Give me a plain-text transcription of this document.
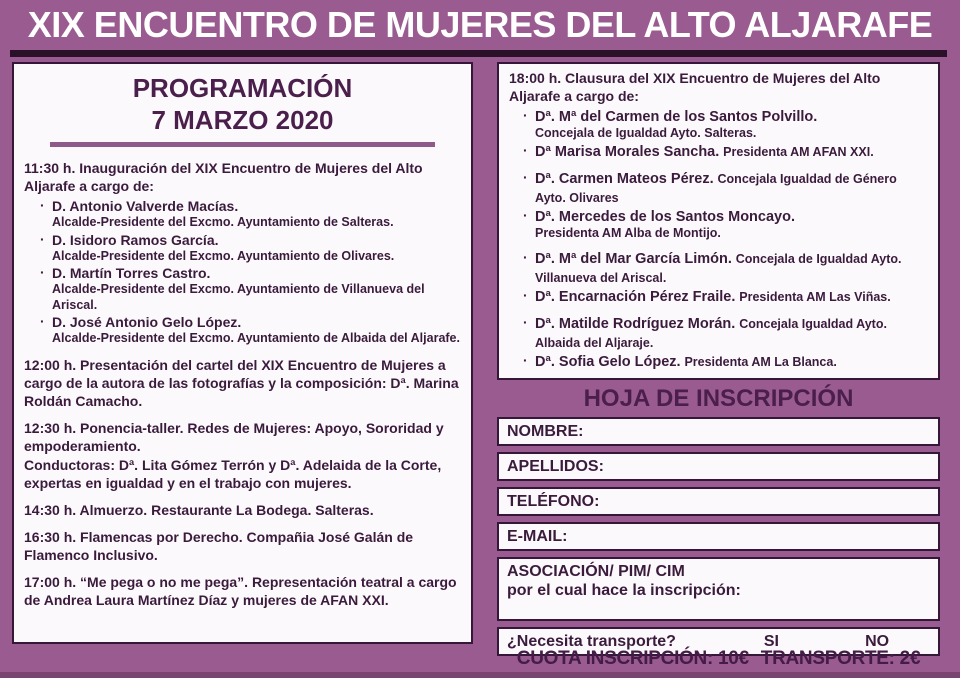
XIX ENCUENTRO DE MUJERES DEL ALTO ALJARAFE
PROGRAMACIÓN
7 MARZO 2020
11:30 h. Inauguración del XIX Encuentro de Mujeres del Alto Aljarafe a cargo de:
· D. Antonio Valverde Macías.
Alcalde-Presidente del Excmo. Ayuntamiento de Salteras.
· D. Isidoro Ramos García.
Alcalde-Presidente del Excmo. Ayuntamiento de Olivares.
· D. Martín Torres Castro.
Alcalde-Presidente del Excmo. Ayuntamiento de Villanueva del Ariscal.
· D. José Antonio Gelo López.
Alcalde-Presidente del Excmo. Ayuntamiento de Albaida del Aljarafe.
12:00 h. Presentación del cartel del XIX Encuentro de Mujeres a cargo de la autora de las fotografías y la composición: Dª. Marina Roldán Camacho.
12:30 h. Ponencia-taller. Redes de Mujeres: Apoyo, Sororidad y empoderamiento.
Conductoras: Dª. Lita Gómez Terrón y Dª. Adelaida de la Corte, expertas en igualdad y en el trabajo con mujeres.
14:30 h. Almuerzo. Restaurante La Bodega. Salteras.
16:30 h. Flamencas por Derecho. Compañia José Galán de Flamenco Inclusivo.
17:00 h. “Me pega o no me pega”. Representación teatral a cargo de Andrea Laura Martínez Díaz y mujeres de AFAN XXI.
18:00 h. Clausura del XIX Encuentro de Mujeres del Alto Aljarafe a cargo de:
· Dª. Mª del Carmen de los Santos Polvillo.
Concejala de Igualdad Ayto. Salteras.
· Dª Marisa Morales Sancha. Presidenta AM AFAN XXI.
· Dª. Carmen Mateos Pérez. Concejala Igualdad de Género Ayto. Olivares
· Dª. Mercedes de los Santos Moncayo.
Presidenta AM Alba de Montijo.
· Dª. Mª del Mar García Limón. Concejala de Igualdad Ayto. Villanueva del Ariscal.
· Dª. Encarnación Pérez Fraile. Presidenta AM Las Viñas.
· Dª. Matilde Rodríguez Morán. Concejala Igualdad Ayto. Albaida del Aljaraje.
· Dª. Sofia Gelo López. Presidenta AM La Blanca.
HOJA DE INSCRIPCIÓN
NOMBRE:
APELLIDOS:
TELÉFONO:
E-MAIL:
ASOCIACIÓN/ PIM/ CIM
por el cual hace la inscripción:
¿Necesita transporte?	SI	NO
CUOTA INSCRIPCIÓN: 10€ TRANSPORTE: 2€
